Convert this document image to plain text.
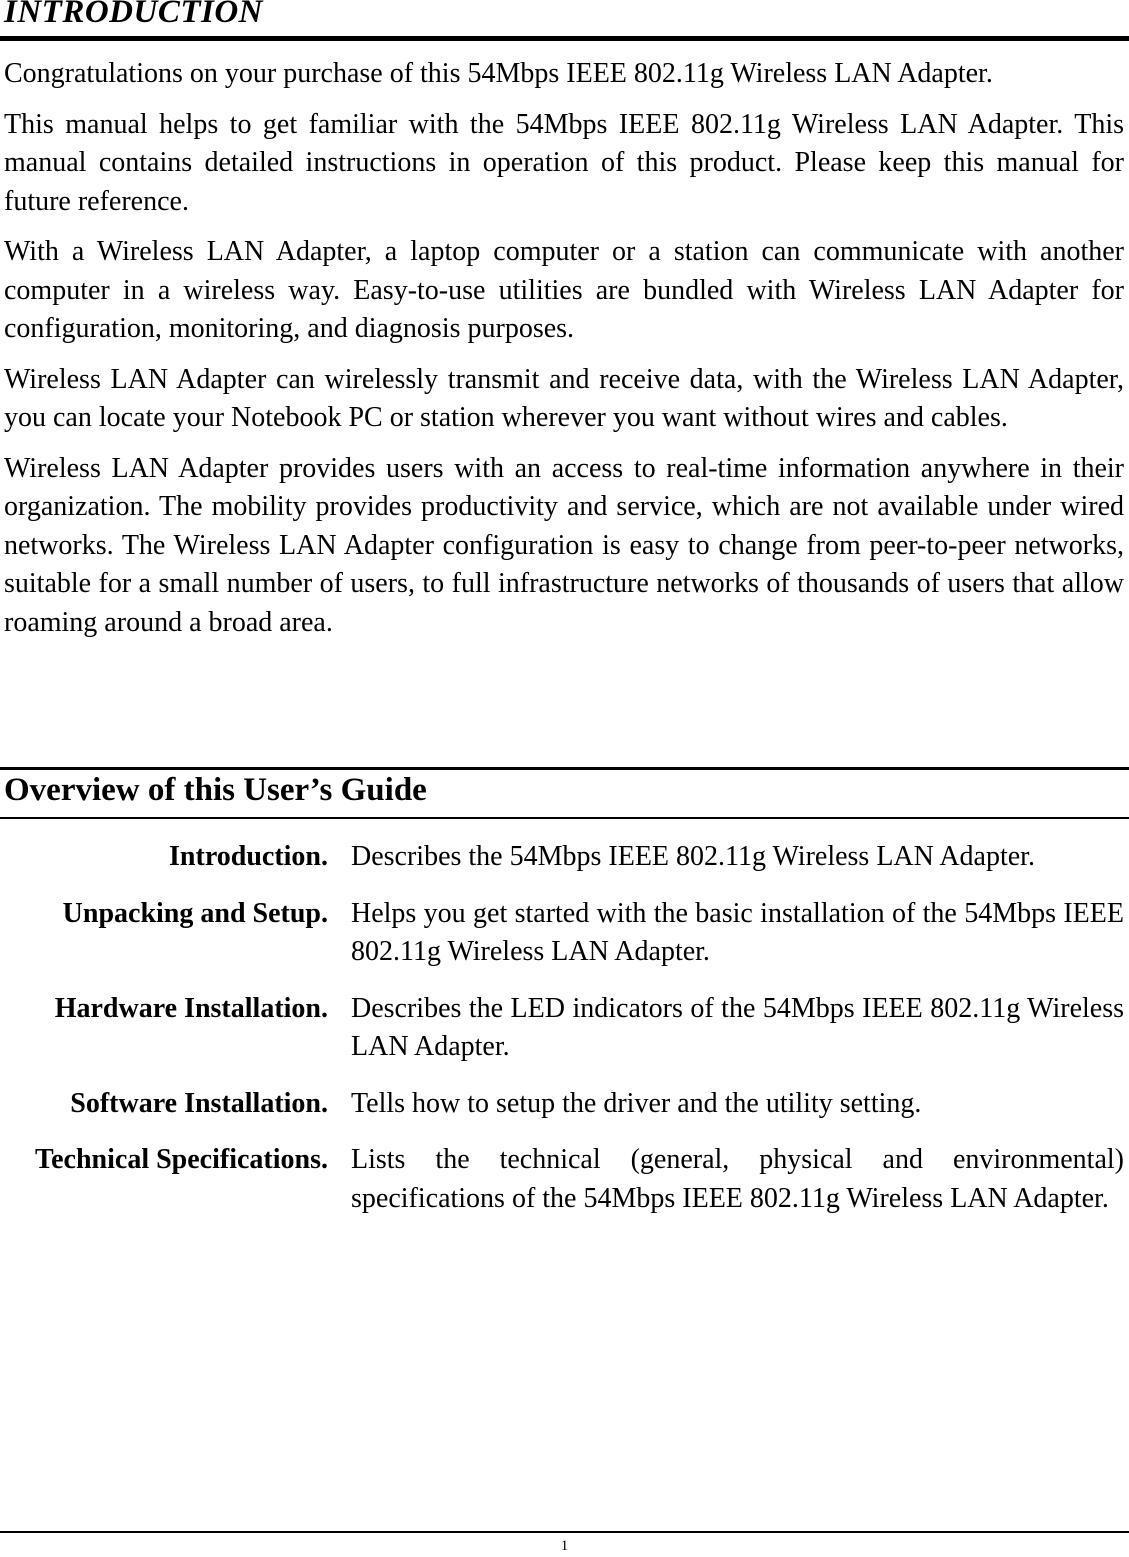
INTRODUCTION

Congratulations on your purchase of this 54Mbps IEEE 802.11g Wireless LAN Adapter.

This manual helps to get familiar with the 54Mbps IEEE 802.11g Wireless LAN Adapter. This manual contains detailed instructions in operation of this product. Please keep this manual for future reference.

With a Wireless LAN Adapter, a laptop computer or a station can communicate with another computer in a wireless way. Easy-to-use utilities are bundled with Wireless LAN Adapter for configuration, monitoring, and diagnosis purposes.

Wireless LAN Adapter can wirelessly transmit and receive data, with the Wireless LAN Adapter, you can locate your Notebook PC or station wherever you want without wires and cables.

Wireless LAN Adapter provides users with an access to real-time information anywhere in their organization. The mobility provides productivity and service, which are not available under wired networks. The Wireless LAN Adapter configuration is easy to change from peer-to-peer networks, suitable for a small number of users, to full infrastructure networks of thousands of users that allow roaming around a broad area.

Overview of this User’s Guide
Introduction. Describes the 54Mbps IEEE 802.11g Wireless LAN Adapter.
Unpacking and Setup. Helps you get started with the basic installation of the 54Mbps IEEE 802.11g Wireless LAN Adapter.
Hardware Installation. Describes the LED indicators of the 54Mbps IEEE 802.11g Wireless LAN Adapter.
Software Installation. Tells how to setup the driver and the utility setting.
Technical Specifications. Lists the technical (general, physical and environmental) specifications of the 54Mbps IEEE 802.11g Wireless LAN Adapter.
1
